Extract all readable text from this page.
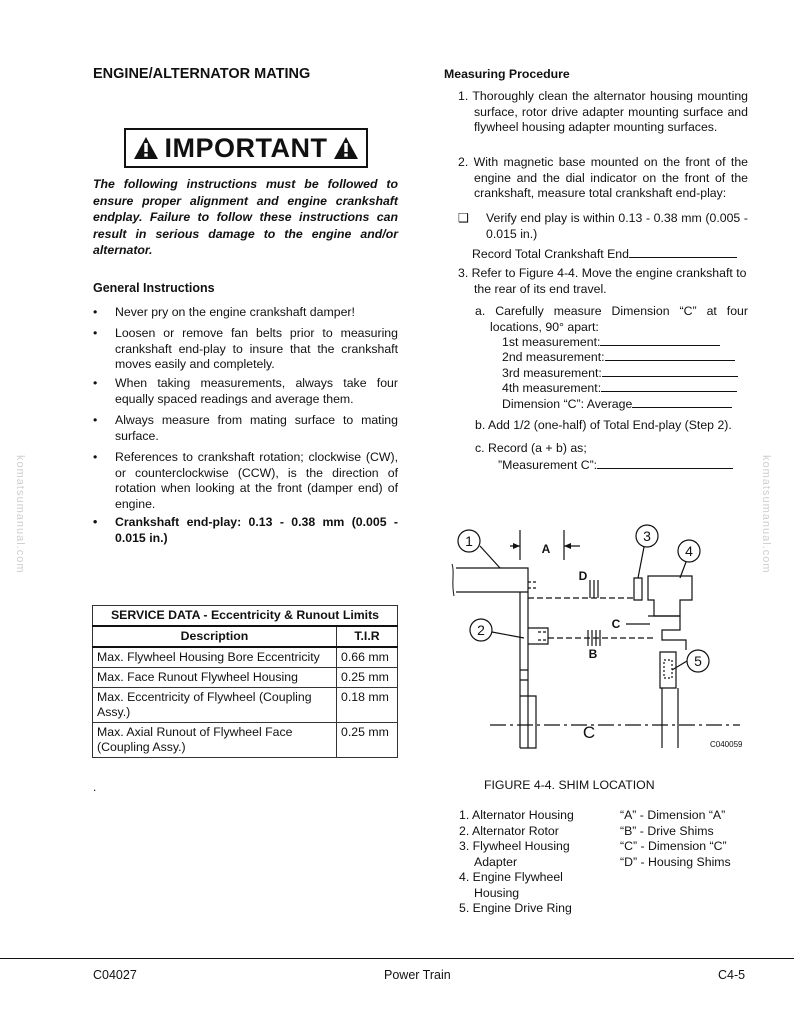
komatsumanual.com	komatsumanual.com
ENGINE/ALTERNATOR MATING
IMPORTANT
The following instructions must be followed to ensure proper alignment and engine crankshaft endplay. Failure to follow these instructions can result in serious damage to the engine and/or alternator.
General Instructions
• Never pry on the engine crankshaft damper!
• Loosen or remove fan belts prior to measuring crankshaft end-play to insure that the crankshaft moves easily and completely.
• When taking measurements, always take four equally spaced readings and average them.
• Always measure from mating surface to mating surface.
• References to crankshaft rotation; clockwise (CW), or counterclockwise (CCW), is the direction of rotation when looking at the front (damper end) of engine.
• Crankshaft end-play: 0.13 - 0.38 mm (0.005 - 0.015 in.)
SERVICE DATA - Eccentricity & Runout Limits	
Description	T.I.R
Max. Flywheel Housing Bore Eccentricity	0.66 mm
Max. Face Runout Flywheel Housing	0.25 mm
Max. Eccentricity of Flywheel (Coupling Assy.)	0.18 mm
Max. Axial Runout of Flywheel Face (Coupling Assy.)	0.25 mm
.
Measuring Procedure
1. Thoroughly clean the alternator housing mounting surface, rotor drive adapter mounting surface and flywheel housing adapter mounting surfaces.
2. With magnetic base mounted on the front of the engine and the dial indicator on the front of the crankshaft, measure total crankshaft end-play:
❑ Verify end play is within 0.13 - 0.38 mm (0.005 - 0.015 in.)
Record Total Crankshaft End
3. Refer to Figure 4-4. Move the engine crankshaft to the rear of its end travel.
a. Carefully measure Dimension “C” at four locations, 90° apart:
1st measurement:
2nd measurement:
3rd measurement:
4th measurement:
Dimension “C”: Average
b. Add 1/2 (one-half) of Total End-play (Step 2).
c. Record (a + b) as;
”Measurement C”:
1
2
3
4
5
A
B
C
D
C
C040059
FIGURE 4-4. SHIM LOCATION
1. Alternator Housing
2. Alternator Rotor
3. Flywheel Housing
Adapter
4. Engine Flywheel
Housing
5. Engine Drive Ring
“A” - Dimension “A”
“B” - Drive Shims
“C” - Dimension “C”
“D” - Housing Shims
C04027	Power Train	C4-5
